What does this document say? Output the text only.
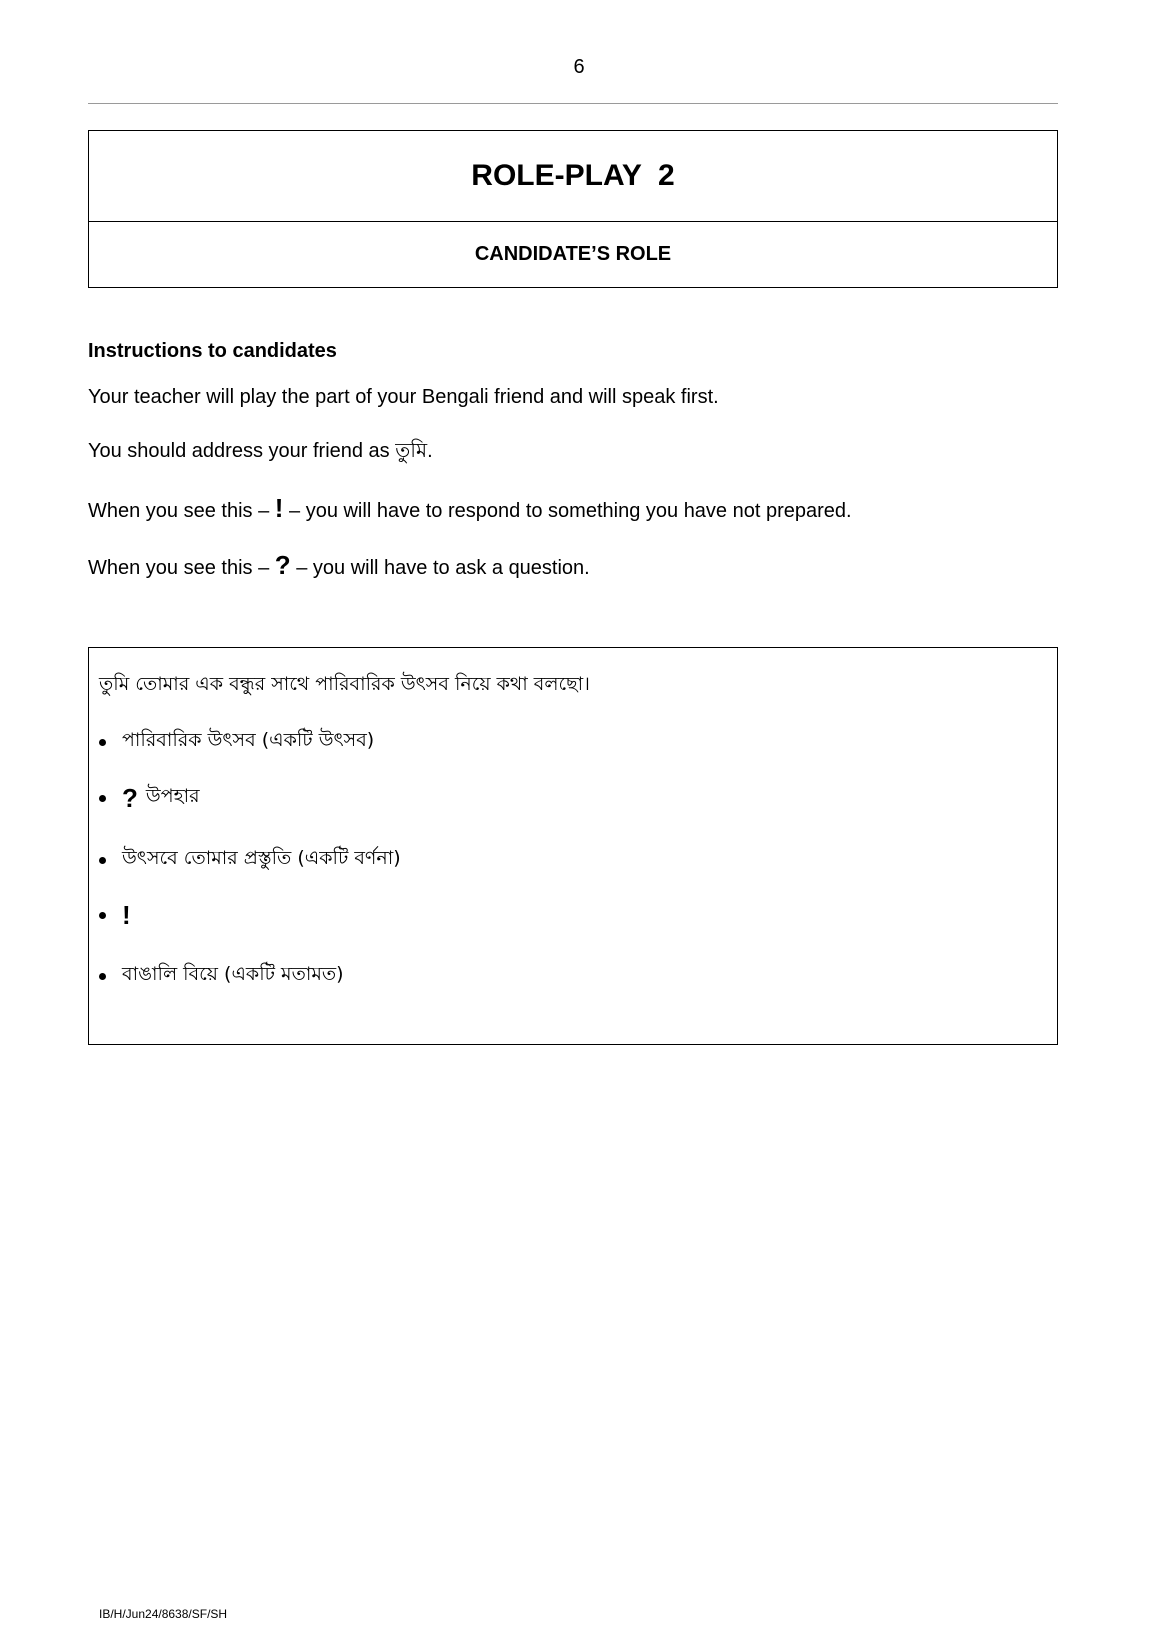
6
ROLE-PLAY  2
CANDIDATE’S ROLE
Instructions to candidates
Your teacher will play the part of your Bengali friend and will speak first.
You should address your friend as তুমি.
When you see this – ! – you will have to respond to something you have not prepared.
When you see this – ? – you will have to ask a question.
তুমি তোমার এক বন্ধুর সাথে পারিবারিক উৎসব নিয়ে কথা বলছো।
পারিবারিক উৎসব (একটি উৎসব)
? উপহার
উৎসবে তোমার প্রস্তুতি (একটি বর্ণনা)
!
বাঙালি বিয়ে (একটি মতামত)
IB/H/Jun24/8638/SF/SH
